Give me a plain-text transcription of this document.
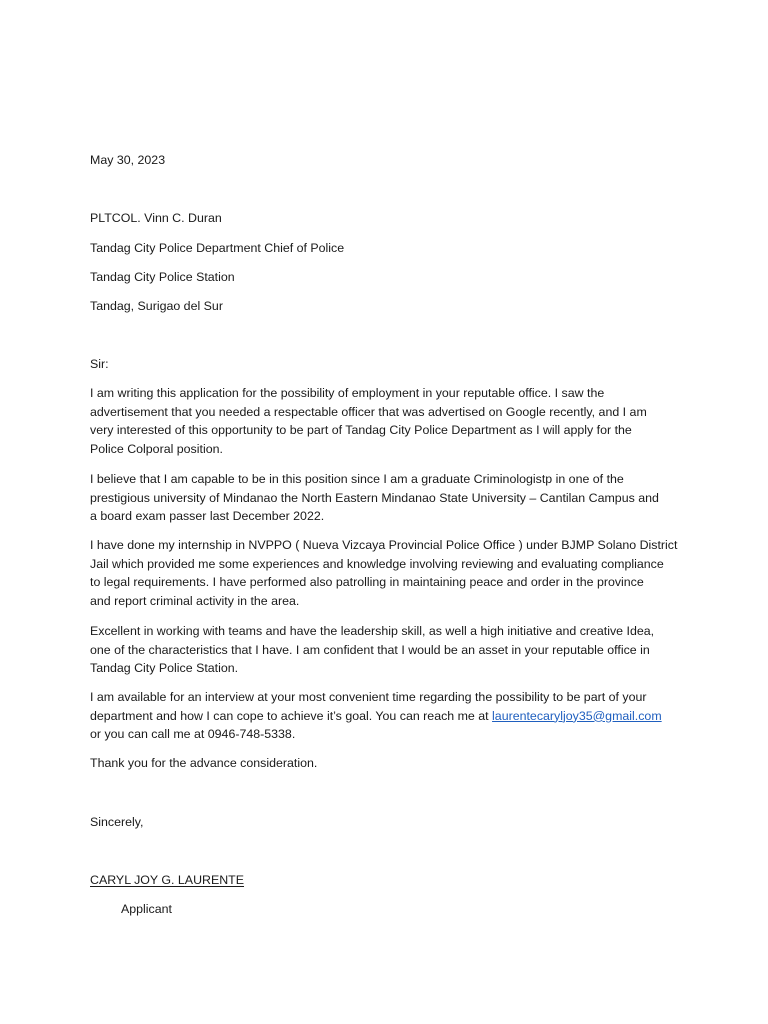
May 30, 2023

PLTCOL. Vinn C. Duran

Tandag City Police Department Chief of Police

Tandag City Police Station

Tandag, Surigao del Sur

Sir:

I am writing this application for the possibility of employment in your reputable office. I saw the
advertisement that you needed a respectable officer that was advertised on Google recently, and I am
very interested of this opportunity to be part of Tandag City Police Department as I will apply for the
Police Colporal position.
I believe that I am capable to be in this position since I am a graduate Criminologistp in one of the
prestigious university of Mindanao the North Eastern Mindanao State University – Cantilan Campus and
a board exam passer last December 2022.
I have done my internship in NVPPO ( Nueva Vizcaya Provincial Police Office ) under BJMP Solano District
Jail which provided me some experiences and knowledge involving reviewing and evaluating compliance
to legal requirements. I have performed also patrolling in maintaining peace and order in the province
and report criminal activity in the area.
Excellent in working with teams and have the leadership skill, as well a high initiative and creative Idea,
one of the characteristics that I have. I am confident that I would be an asset in your reputable office in
Tandag City Police Station.
I am available for an interview at your most convenient time regarding the possibility to be part of your
department and how I can cope to achieve it’s goal. You can reach me at laurentecaryljoy35@gmail.com
or you can call me at 0946-748-5338.

Thank you for the advance consideration.

Sincerely,

CARYL JOY G. LAURENTE

Applicant
